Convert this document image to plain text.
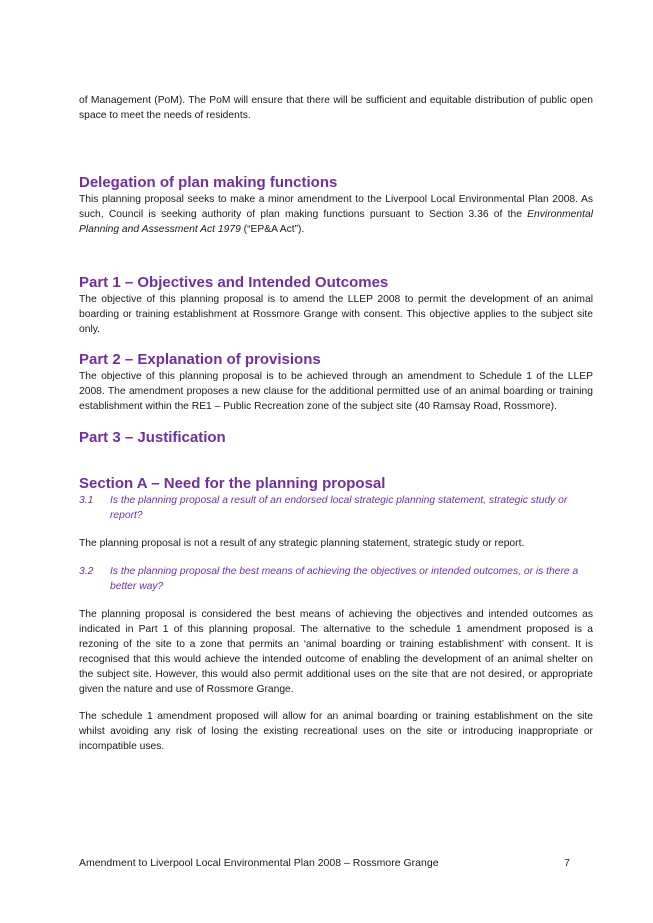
of Management (PoM). The PoM will ensure that there will be sufficient and equitable distribution of public open space to meet the needs of residents.

Delegation of plan making functions

This planning proposal seeks to make a minor amendment to the Liverpool Local Environmental Plan 2008. As such, Council is seeking authority of plan making functions pursuant to Section 3.36 of the Environmental Planning and Assessment Act 1979 (“EP&A Act”).

Part 1 – Objectives and Intended Outcomes

The objective of this planning proposal is to amend the LLEP 2008 to permit the development of an animal boarding or training establishment at Rossmore Grange with consent. This objective applies to the subject site only.

Part 2 – Explanation of provisions

The objective of this planning proposal is to be achieved through an amendment to Schedule 1 of the LLEP 2008. The amendment proposes a new clause for the additional permitted use of an animal boarding or training establishment within the RE1 – Public Recreation zone of the subject site (40 Ramsay Road, Rossmore).

Part 3 – Justification
Section A – Need for the planning proposal
3.1 Is the planning proposal a result of an endorsed local strategic planning statement, strategic study or report?

The planning proposal is not a result of any strategic planning statement, strategic study or report.

3.2 Is the planning proposal the best means of achieving the objectives or intended outcomes, or is there a better way?

The planning proposal is considered the best means of achieving the objectives and intended outcomes as indicated in Part 1 of this planning proposal. The alternative to the schedule 1 amendment proposed is a rezoning of the site to a zone that permits an ‘animal boarding or training establishment’ with consent. It is recognised that this would achieve the intended outcome of enabling the development of an animal shelter on the subject site. However, this would also permit additional uses on the site that are not desired, or appropriate given the nature and use of Rossmore Grange.

The schedule 1 amendment proposed will allow for an animal boarding or training establishment on the site whilst avoiding any risk of losing the existing recreational uses on the site or introducing inappropriate or incompatible uses.

Amendment to Liverpool Local Environmental Plan 2008 – Rossmore Grange	7
